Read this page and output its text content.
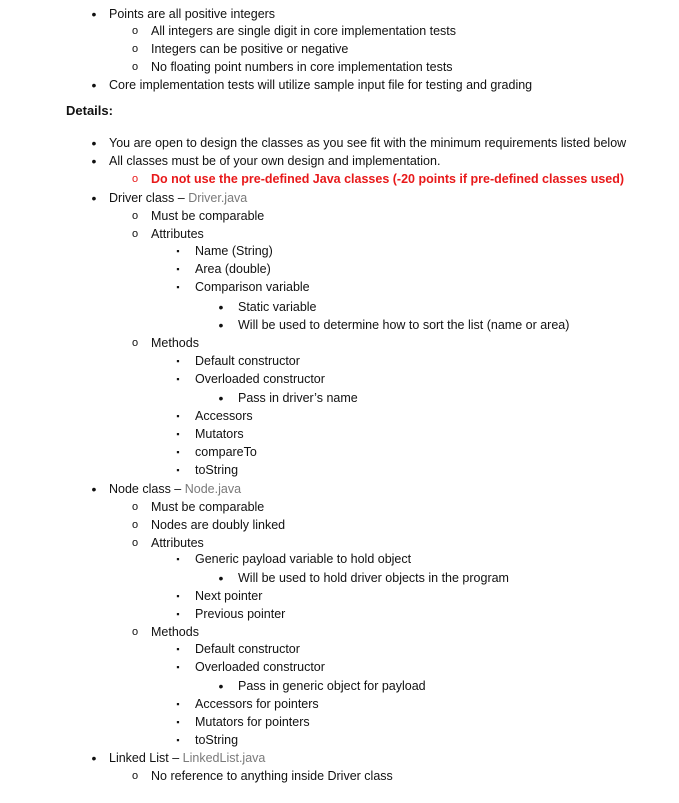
• Points are all positive integers
o All integers are single digit in core implementation tests
o Integers can be positive or negative
o No floating point numbers in core implementation tests
• Core implementation tests will utilize sample input file for testing and grading
Details:
• You are open to design the classes as you see fit with the minimum requirements listed below
• All classes must be of your own design and implementation.
o Do not use the pre-defined Java classes (-20 points if pre-defined classes used)
• Driver class – Driver.java
o Must be comparable
o Attributes
▪	Name (String)
▪	Area (double)
▪	Comparison variable
• Static variable
• Will be used to determine how to sort the list (name or area)
o Methods
▪	Default constructor
▪	Overloaded constructor
• Pass in driver’s name
▪	Accessors
▪	Mutators
▪	compareTo
▪	toString
• Node class – Node.java
o Must be comparable
o Nodes are doubly linked
o Attributes
▪	Generic payload variable to hold object
• Will be used to hold driver objects in the program
▪	Next pointer
▪	Previous pointer
o Methods
▪	Default constructor
▪	Overloaded constructor
• Pass in generic object for payload
▪	Accessors for pointers
▪	Mutators for pointers
▪	toString
• Linked List – LinkedList.java
o No reference to anything inside Driver class
